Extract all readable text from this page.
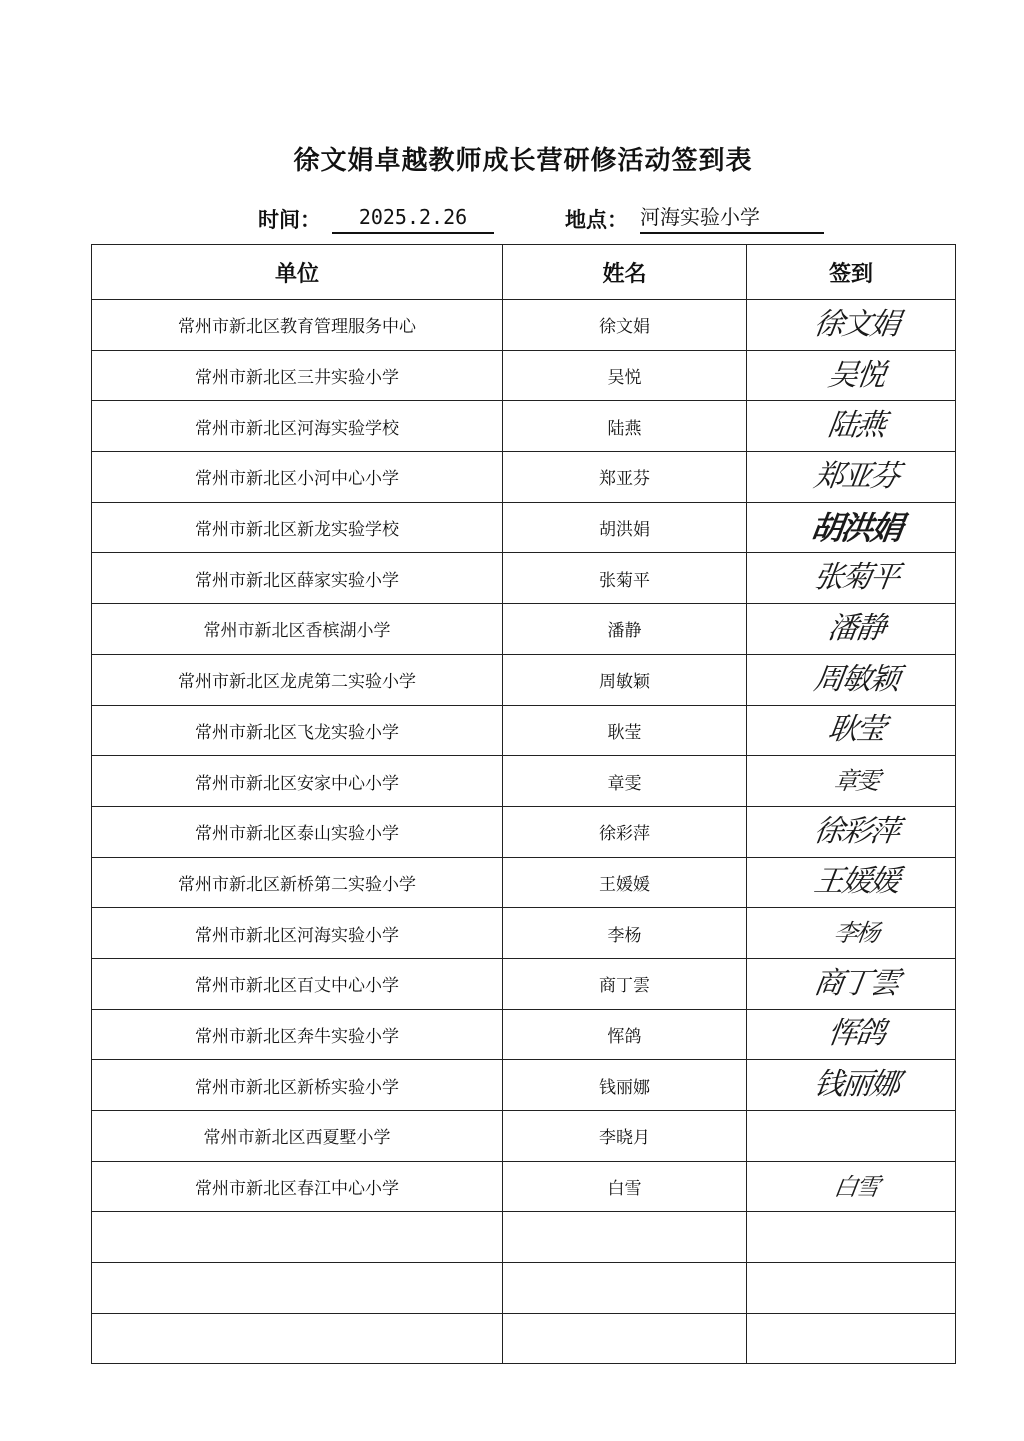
徐文娟卓越教师成长营研修活动签到表
时间：	2025.2.26	地点： 河海实验小学
单位	姓名	签到
常州市新北区教育管理服务中心	徐文娟	徐文娟
常州市新北区三井实验小学	吴悦	吴悦
常州市新北区河海实验学校	陆燕	陆燕
常州市新北区小河中心小学	郑亚芬	郑亚芬
常州市新北区新龙实验学校	胡洪娟	胡洪娟
常州市新北区薛家实验小学	张菊平	张菊平
常州市新北区香槟湖小学	潘静	潘静
常州市新北区龙虎第二实验小学	周敏颖	周敏颖
常州市新北区飞龙实验小学	耿莹	耿莹
常州市新北区安家中心小学	章雯	章雯
常州市新北区泰山实验小学	徐彩萍	徐彩萍
常州市新北区新桥第二实验小学	王媛媛	王媛媛
常州市新北区河海实验小学	李杨	李杨
常州市新北区百丈中心小学	商丁雲	商丁雲
常州市新北区奔牛实验小学	恽鸽	恽鸽
常州市新北区新桥实验小学	钱丽娜	钱丽娜
常州市新北区西夏墅小学	李晓月	
常州市新北区春江中心小学	白雪	白雪
